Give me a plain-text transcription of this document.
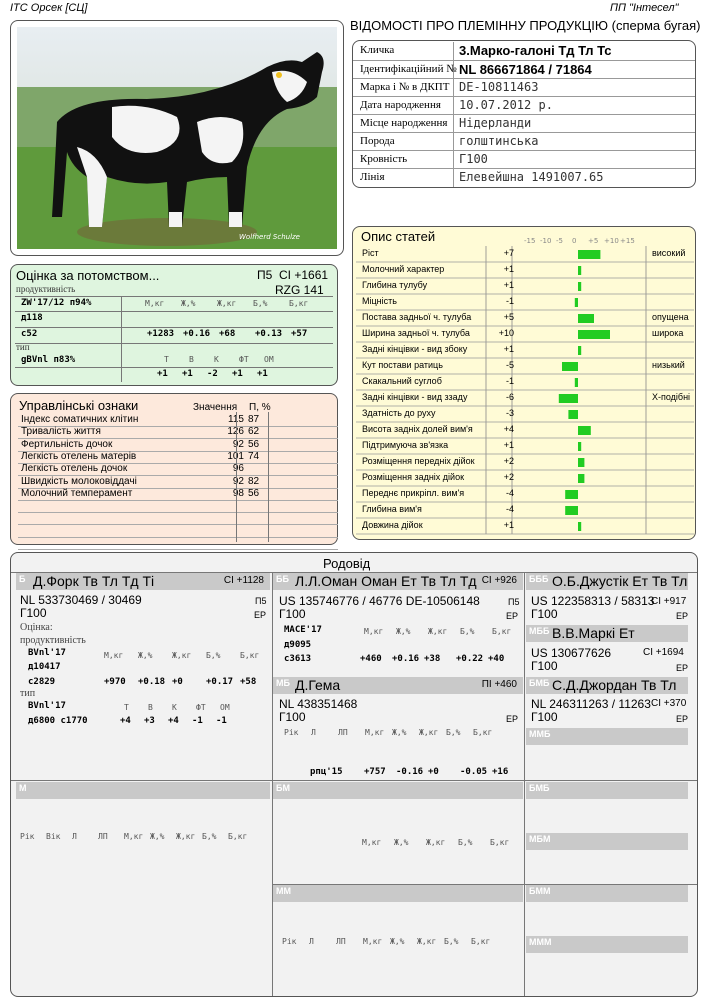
ІТС Орсек [СЦ]	ПП "Інтесел"
Wolfherd Schulze
ВІДОМОСТІ ПРО ПЛЕМІННУ ПРОДУКЦІЮ (сперма бугая)
Кличка	3.Марко-галоні Тд Тл Тс
Ідентифікаційний № NL 866671864 / 71864
Марка і № в ДКПТ DE-10811463
Дата народження 10.07.2012 р.
Місце народження Нідерланди
Порода	голштинська
Кровність	Г100
Лінія	Елевейшна 1491007.65
Оцінка за потомством...	П5 CI +1661
продуктивність	RZG 141
ZW'17/12 п94%	М,кг Ж,%	Ж,кг Б,%	Б,кг
д118
с52	+1283 +0.16 +68 +0.13 +57
тип
gBVnl п83%	Т	В	К	ФТ ОМ
+1 +1 -2 +1 +1
Управлінські ознаки	Значення П, %
Індекс соматичних клітин	115 87
Тривалість життя	126 62
Фертильність дочок	92 56
Легкість отелень матерів	101 74
Легкість отелень дочок	96
Швидкість молоковіддачі	92 82
Молочний темперамент	98 56
Опис статей	-15 -10 -5 0 +5 +10 +15
Ріст	+7	високий
Молочний характер	+1
Глибина тулубу	+1
Міцність	-1
Постава задньої ч. тулуба	+5	опущена
Ширина задньої ч. тулуба	+10	широка
Задні кінцівки - вид збоку	+1
Кут постави ратиць	-5	низький
Скакальний суглоб	-1
Задні кінцівки - вид ззаду	-6	Х-подібні
Здатність до руху	-3
Висота задніх долей вим'я	+4
Підтримуюча зв'язка	+1
Розміщення передніх дійок	+2
Розміщення задніх дійок	+2
Переднє прикріпл. вим'я	-4
Глибина вим'я	-4
Довжина дійок	+1
Родовід
Б Д.Форк Тв Тл Тд Ті	CI +1128
NL 533730469 / 30469	П5
Г100	ЕР
Оцінка:
продуктивність
BVnl'17	М,кг Ж,% Ж,кг Б,% Б,кг
д10417
с2829	+970 +0.18 +0	+0.17 +58
тип
BVnl'17	Т В К ФТ ОМ
д6800 с1770	+4 +3 +4 -1 -1
ББ Л.Л.Оман Оман Ет Тв Тл Тд CI +926
US 135746776 / 46776 DE-10506148	П5
Г100	ЕР
MACE'17	М,кг Ж,% Ж,кг Б,% Б,кг
д9095
с3613	+460 +0.16 +38 +0.22 +40
БББ О.Б.Джустік Ет Тв Тл
US 122358313 / 58313
CI +917
Г100	ЕР
МББ В.В.Маркі Ет
US 130677626	CI +1694
Г100	ЕР
МБ Д.Гема	ПІ +460
NL 438351468
Г100	ЕР
Рік Л	ЛП М,кг Ж,% Ж,кг Б,% Б,кг
рпц'15 +757 -0.16 +0 -0.05 +16
БМБ С.Д.Джордан Тв Тл
NL 246311263 / 11263 CI +370
Г100	ЕР
ММБ
М
Рік Вік Л	ЛП М,кг Ж,% Ж,кг Б,% Б,кг
БМ
М,кг Ж,% Ж,кг Б,% Б,кг
БМБ
МБМ
ММ
Рік Л	ЛП М,кг Ж,% Ж,кг Б,% Б,кг
БММ
МММ
